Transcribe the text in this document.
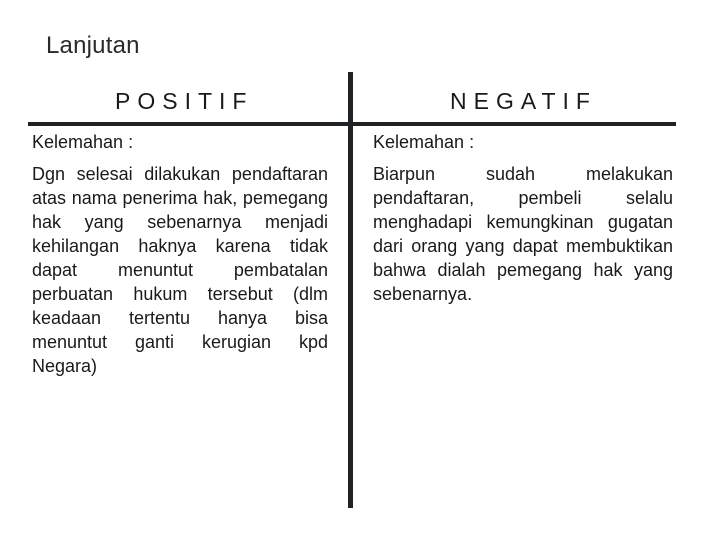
Lanjutan
POSITIF	NEGATIF

Kelemahan :

Dgn selesai dilakukan pendaftaran atas nama penerima hak, pemegang hak yang sebenarnya menjadi kehilangan haknya karena tidak dapat menuntut pembatalan perbuatan hukum tersebut (dlm keadaan tertentu hanya bisa menuntut ganti kerugian kpd Negara)

Kelemahan :

Biarpun sudah melakukan pendaftaran, pembeli selalu menghadapi kemungkinan gugatan dari orang yang dapat membuktikan bahwa dialah pemegang hak yang sebenarnya.
